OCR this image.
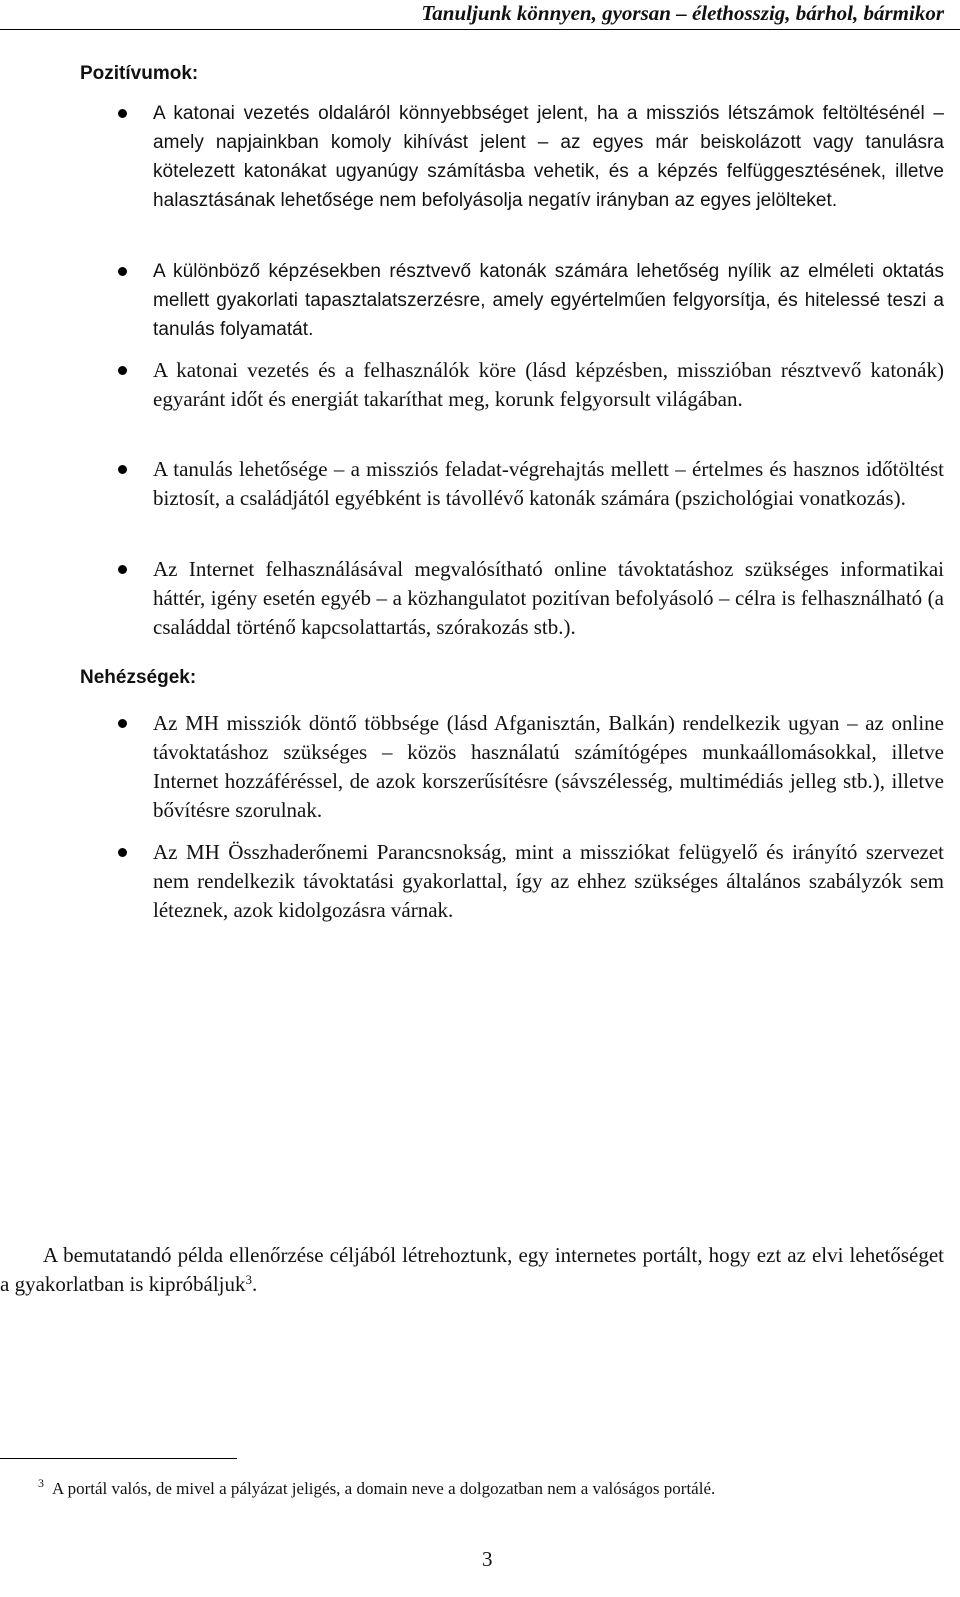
Tanuljunk könnyen, gyorsan – élethosszig, bárhol, bármikor
Pozitívumok:

A katonai vezetés oldaláról könnyebbséget jelent, ha a missziós létszámok feltöltésénél – amely napjainkban komoly kihívást jelent – az egyes már beiskolázott vagy tanulásra kötelezett katonákat ugyanúgy számításba vehetik, és a képzés felfüggesztésének, illetve halasztásának lehetősége nem befolyásolja negatív irányban az egyes jelölteket.

A különböző képzésekben résztvevő katonák számára lehetőség nyílik az elméleti oktatás mellett gyakorlati tapasztalatszerzésre, amely egyértelműen felgyorsítja, és hitelessé teszi a tanulás folyamatát.

A katonai vezetés és a felhasználók köre (lásd képzésben, misszióban résztvevő katonák) egyaránt időt és energiát takaríthat meg, korunk felgyorsult világában.

A tanulás lehetősége – a missziós feladat-végrehajtás mellett – értelmes és hasznos időtöltést biztosít, a családjától egyébként is távollévő katonák számára (pszichológiai vonatkozás).

Az Internet felhasználásával megvalósítható online távoktatáshoz szükséges informatikai háttér, igény esetén egyéb – a közhangulatot pozitívan befolyásoló – célra is felhasználható (a családdal történő kapcsolattartás, szórakozás stb.).

Nehézségek:

Az MH missziók döntő többsége (lásd Afganisztán, Balkán) rendelkezik ugyan – az online távoktatáshoz szükséges – közös használatú számítógépes munkaállomásokkal, illetve Internet hozzáféréssel, de azok korszerűsítésre (sávszélesség, multimédiás jelleg stb.), illetve bővítésre szorulnak.

Az MH Összhaderőnemi Parancsnokság, mint a missziókat felügyelő és irányító szervezet nem rendelkezik távoktatási gyakorlattal, így az ehhez szükséges általános szabályzók sem léteznek, azok kidolgozásra várnak.

A bemutatandó példa ellenőrzése céljából létrehoztunk, egy internetes portált, hogy ezt az elvi lehetőséget a gyakorlatban is kipróbáljuk$^3$.

$^3$ A portál valós, de mivel a pályázat jeligés, a domain neve a dolgozatban nem a valóságos portálé.
3
